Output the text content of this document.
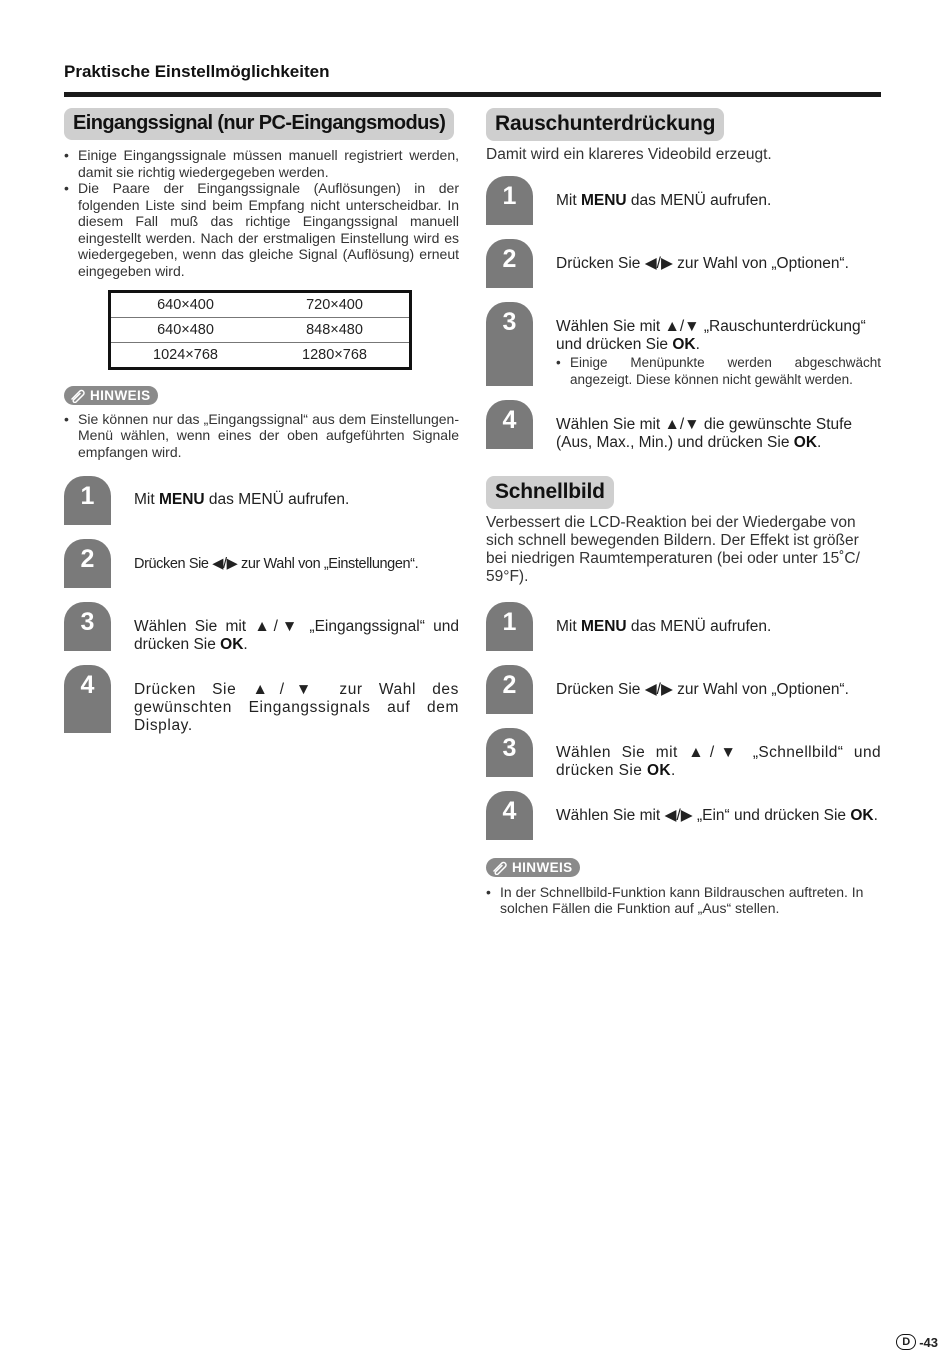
Praktische Einstellmöglichkeiten
Eingangssignal (nur PC-Eingangsmodus)
• Einige Eingangssignale müssen manuell registriert werden, damit sie richtig wiedergegeben werden.
• Die Paare der Eingangssignale (Auflösungen) in der folgenden Liste sind beim Empfang nicht unterscheidbar. In diesem Fall muß das richtige Eingangssignal manuell eingestellt werden. Nach der erstmaligen Einstellung wird es wiedergegeben, wenn das gleiche Signal (Auflösung) erneut eingegeben wird.
640×400	720×400
640×480	848×480
1024×768	1280×768
HINWEIS
• Sie können nur das „Eingangssignal“ aus dem Einstellungen-Menü wählen, wenn eines der oben aufgeführten Signale empfangen wird.
1	Mit MENU das MENÜ aufrufen.
2	Drücken Sie ◀/▶ zur Wahl von „Einstellungen“.
3	Wählen Sie mit ▲/▼ „Eingangssignal“ und drücken Sie OK.
4	Drücken Sie ▲/▼ zur Wahl des gewünschten Eingangssignals auf dem Display.
Rauschunterdrückung
Damit wird ein klareres Videobild erzeugt.
1	Mit MENU das MENÜ aufrufen.
2	Drücken Sie ◀/▶ zur Wahl von „Optionen“.
3	Wählen Sie mit ▲/▼ „Rauschunterdrückung“ und drücken Sie OK.
• Einige Menüpunkte werden abgeschwächt angezeigt. Diese können nicht gewählt werden.
4	Wählen Sie mit ▲/▼ die gewünschte Stufe (Aus, Max., Min.) und drücken Sie OK.
Schnellbild
Verbessert die LCD-Reaktion bei der Wiedergabe von sich schnell bewegenden Bildern. Der Effekt ist größer bei niedrigen Raumtemperaturen (bei oder unter 15˚C/ 59°F).
1	Mit MENU das MENÜ aufrufen.
2	Drücken Sie ◀/▶ zur Wahl von „Optionen“.
3	Wählen Sie mit ▲/▼ „Schnellbild“ und drücken Sie OK.
4	Wählen Sie mit ◀/▶ „Ein“ und drücken Sie OK.
HINWEIS
• In der Schnellbild-Funktion kann Bildrauschen auftreten. In solchen Fällen die Funktion auf „Aus“ stellen.
D -43
